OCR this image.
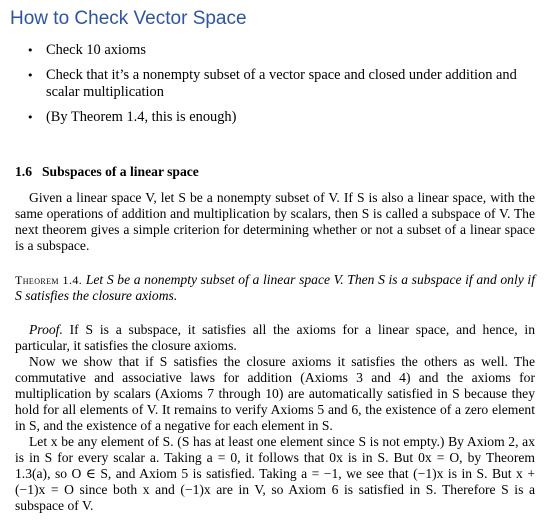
How to Check Vector Space
• Check 10 axioms
• Check that it’s a nonempty subset of a vector space and closed under addition and scalar multiplication
• (By Theorem 1.4, this is enough)

1.6 Subspaces of a linear space

Given a linear space V, let S be a nonempty subset of V. If S is also a linear space, with the same operations of addition and multiplication by scalars, then S is called a subspace of V. The next theorem gives a simple criterion for determining whether or not a subset of a linear space is a subspace.

Theorem 1.4. Let S be a nonempty subset of a linear space V. Then S is a subspace if and only if S satisfies the closure axioms.

Proof. If S is a subspace, it satisfies all the axioms for a linear space, and hence, in particular, it satisfies the closure axioms.

Now we show that if S satisfies the closure axioms it satisfies the others as well. The commutative and associative laws for addition (Axioms 3 and 4) and the axioms for multiplication by scalars (Axioms 7 through 10) are automatically satisfied in S because they hold for all elements of V. It remains to verify Axioms 5 and 6, the existence of a zero element in S, and the existence of a negative for each element in S.

Let x be any element of S. (S has at least one element since S is not empty.) By Axiom 2, ax is in S for every scalar a. Taking a = 0, it follows that 0x is in S. But 0x = O, by Theorem 1.3(a), so O ∈ S, and Axiom 5 is satisfied. Taking a = −1, we see that (−1)x is in S. But x + (−1)x = O since both x and (−1)x are in V, so Axiom 6 is satisfied in S. Therefore S is a subspace of V.
